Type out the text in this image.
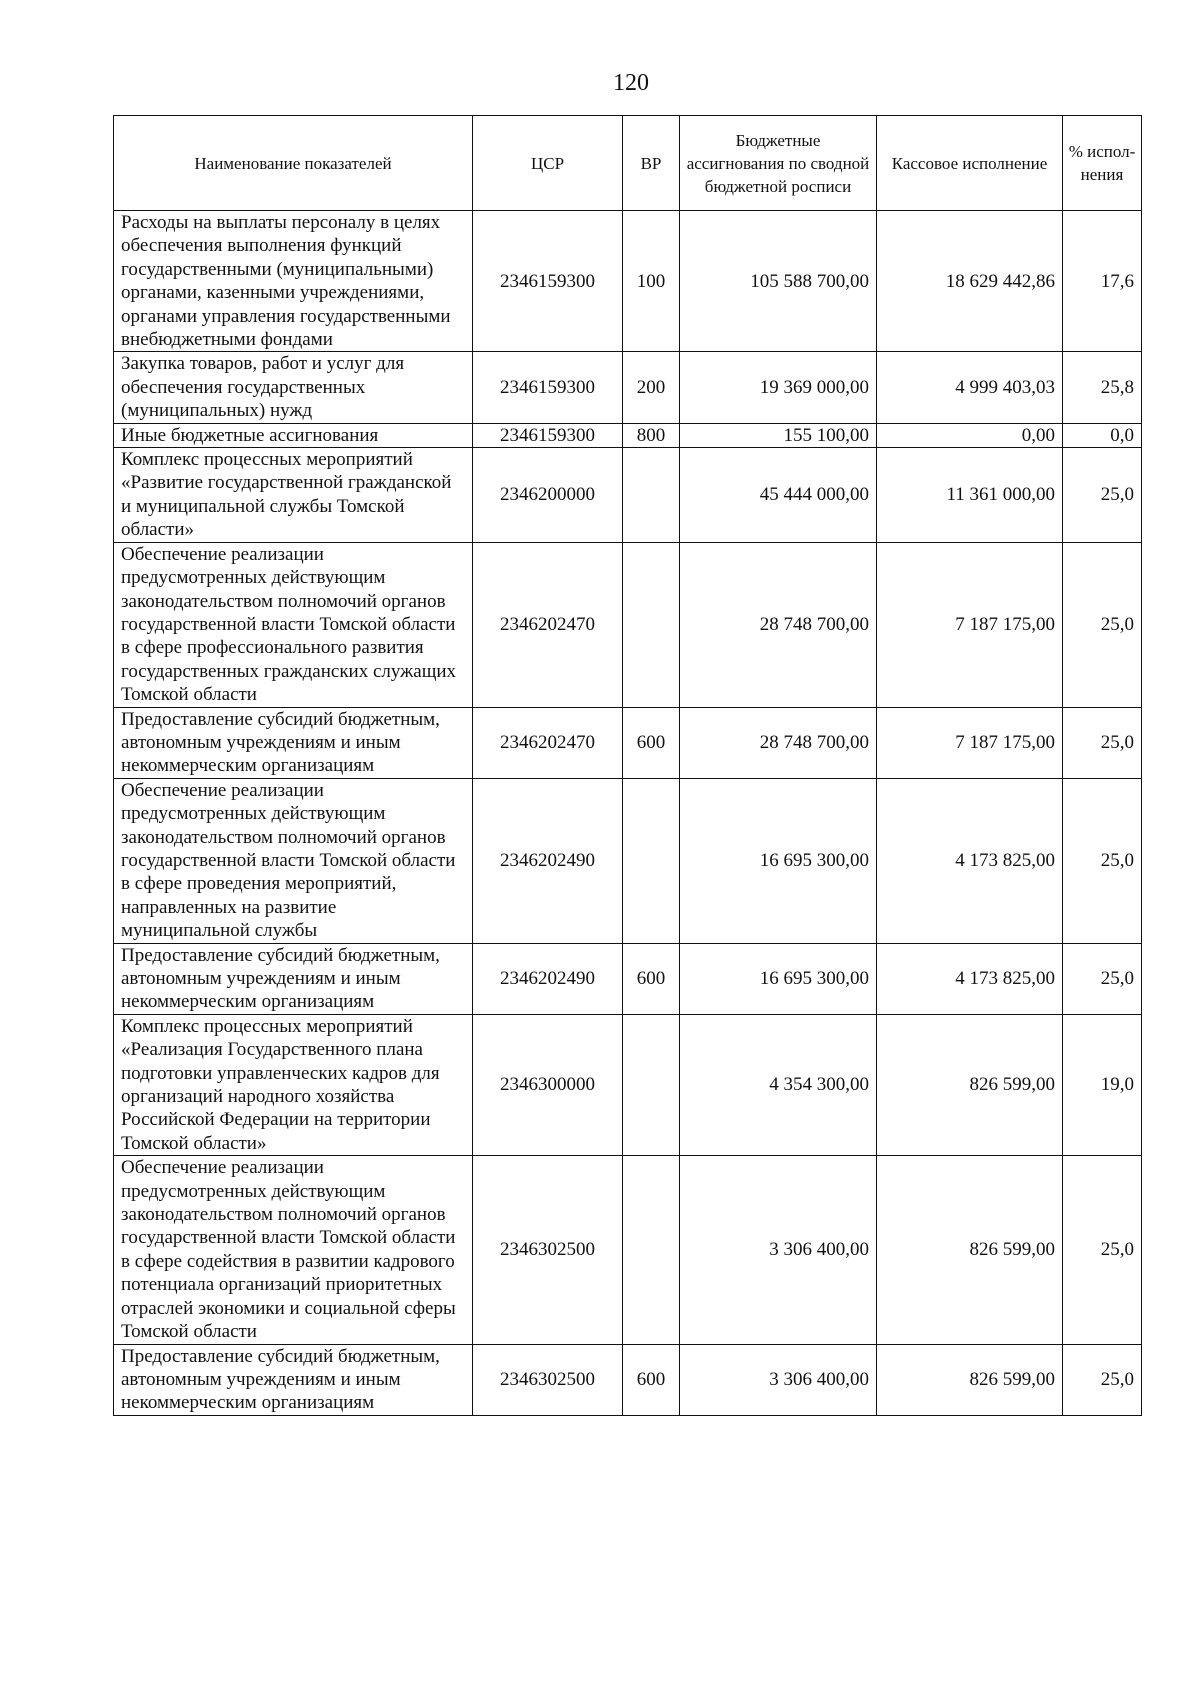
120
Наименование показателей	ЦСР	ВР	Бюджетные ассигнования по сводной бюджетной росписи	Кассовое исполнение	% испол-нения
Расходы на выплаты персоналу в целях обеспечения выполнения функций государственными (муниципальными) органами, казенными учреждениями, органами управления государственными внебюджетными фондами	2346159300	100	105 588 700,00	18 629 442,86	17,6
Закупка товаров, работ и услуг для обеспечения государственных (муниципальных) нужд	2346159300	200	19 369 000,00	4 999 403,03	25,8
Иные бюджетные ассигнования	2346159300	800	155 100,00	0,00	0,0
Комплекс процессных мероприятий «Развитие государственной гражданской и муниципальной службы Томской области»	2346200000		45 444 000,00	11 361 000,00	25,0
Обеспечение реализации предусмотренных действующим законодательством полномочий органов государственной власти Томской области в сфере профессионального развития государственных гражданских служащих Томской области	2346202470		28 748 700,00	7 187 175,00	25,0
Предоставление субсидий бюджетным, автономным учреждениям и иным некоммерческим организациям	2346202470	600	28 748 700,00	7 187 175,00	25,0
Обеспечение реализации предусмотренных действующим законодательством полномочий органов государственной власти Томской области в сфере проведения мероприятий, направленных на развитие муниципальной службы	2346202490		16 695 300,00	4 173 825,00	25,0
Предоставление субсидий бюджетным, автономным учреждениям и иным некоммерческим организациям	2346202490	600	16 695 300,00	4 173 825,00	25,0
Комплекс процессных мероприятий «Реализация Государственного плана подготовки управленческих кадров для организаций народного хозяйства Российской Федерации на территории Томской области»	2346300000		4 354 300,00	826 599,00	19,0
Обеспечение реализации предусмотренных действующим законодательством полномочий органов государственной власти Томской области в сфере содействия в развитии кадрового потенциала организаций приоритетных отраслей экономики и социальной сферы Томской области	2346302500		3 306 400,00	826 599,00	25,0
Предоставление субсидий бюджетным, автономным учреждениям и иным некоммерческим организациям	2346302500	600	3 306 400,00	826 599,00	25,0
